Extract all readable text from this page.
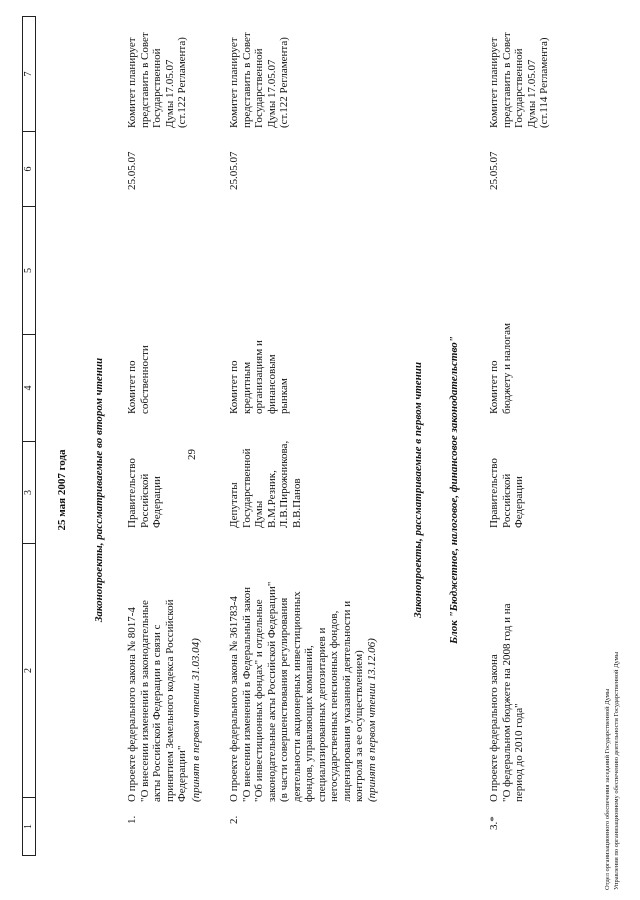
29
1
2
3
4
5
6
7
25 мая 2007 года Законопроекты, рассматриваемые во втором чтении
1.
О проекте федерального закона № 8017-4
"О внесении изменений в законодательные
акты Российской Федерации в связи с
принятием Земельного кодекса Российской
Федерации" (принят в первом чтении 31.03.04)
Правительство
Российской
Федерации
Комитет по
собственности
25.05.07
Комитет планирует
представить в Совет
Государственной
Думы 17.05.07
(ст.122 Регламента)
2.
О проекте федерального закона № 361783-4
"О внесении изменений в Федеральный закон
"Об инвестиционных фондах" и отдельные
законодательные акты Российской Федерации"
(в части совершенствования регулирования
деятельности акционерных инвестиционных
фондов, управляющих компаний,
специализированных депозитариев и
негосударственных пенсионных фондов,
лицензирования указанной деятельности и
контроля за ее осуществлением) (принят в первом чтении 13.12.06)
Депутаты
Государственной
Думы
В.М.Резник,
Л.В.Пирожникова,
В.В.Панов
Комитет по
кредитным
организациям и
финансовым
рынкам
25.05.07
Комитет планирует
представить в Совет
Государственной
Думы 17.05.07
(ст.122 Регламента)
Законопроекты, рассматриваемые в первом чтении Блок "Бюджетное, налоговое, финансовое законодательство"
3.*
О проекте федерального закона
"О федеральном бюджете на 2008 год и на
период до 2010 года"
Правительство
Российской
Федерации
Комитет по
бюджету и налогам
25.05.07
Комитет планирует
представить в Совет
Государственной
Думы 17.05.07
(ст.114 Регламента)
Отдел организационного обеспечения заседаний Государственной Думы Управления по организационному обеспечению деятельности Государственной Думы
